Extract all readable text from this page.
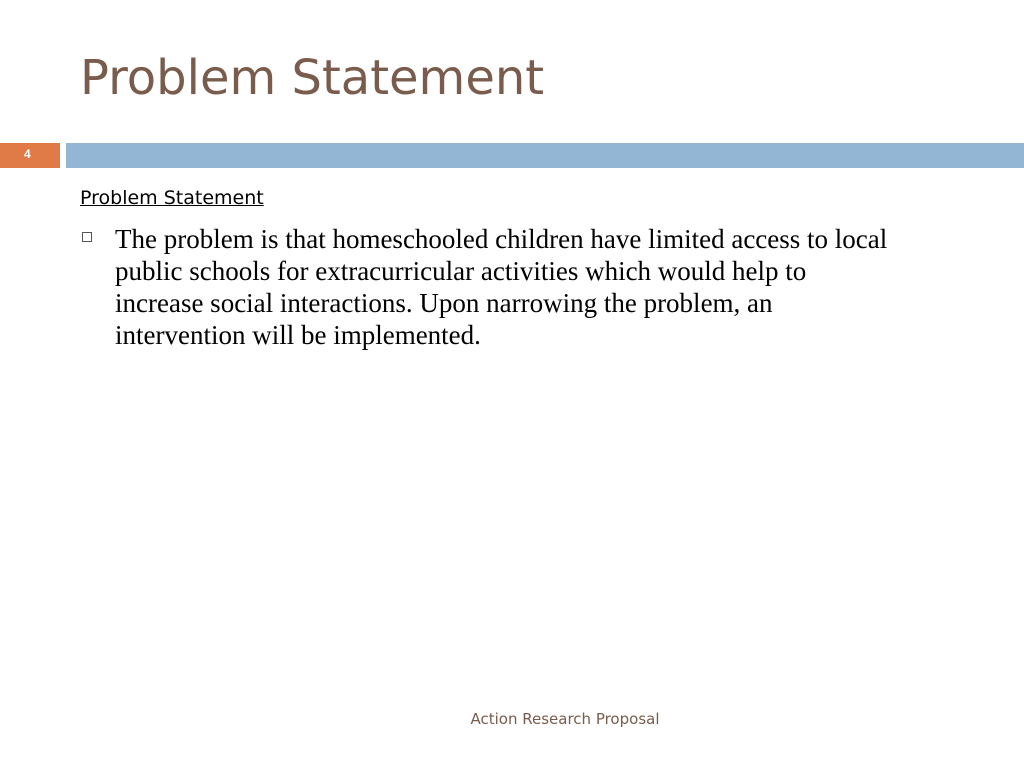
Problem Statement
4

Problem Statement

The problem is that homeschooled children have limited access to local
public schools for extracurricular activities which would help to
increase social interactions. Upon narrowing the problem, an
intervention will be implemented.

Action Research Proposal
